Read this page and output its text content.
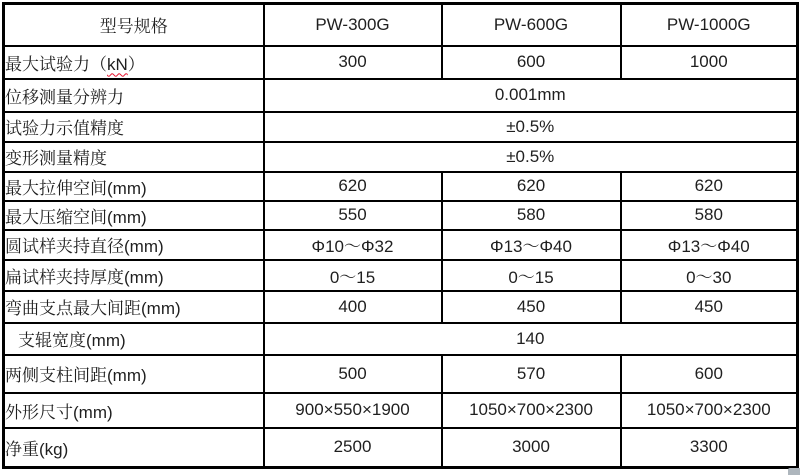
型号规格	PW-300G	PW-600G	PW-1000G
最大试验力（kN）	300	600	1000
位移测量分辨力	0.001mm		
试验力示值精度	±0.5%		
变形测量精度	±0.5%		
最大拉伸空间(mm)	620	620	620
最大压缩空间(mm)	550	580	580
圆试样夹持直径(mm)	Φ10～Φ32	Φ13～Φ40	Φ13～Φ40
扁试样夹持厚度(mm)	0～15	0～15	0～30
弯曲支点最大间距(mm)	400	450	450
支辊宽度(mm)	140		
两侧支柱间距(mm)	500	570	600
外形尺寸(mm)	900×550×1900	1050×700×2300	1050×700×2300
净重(kg)	2500	3000	3300
